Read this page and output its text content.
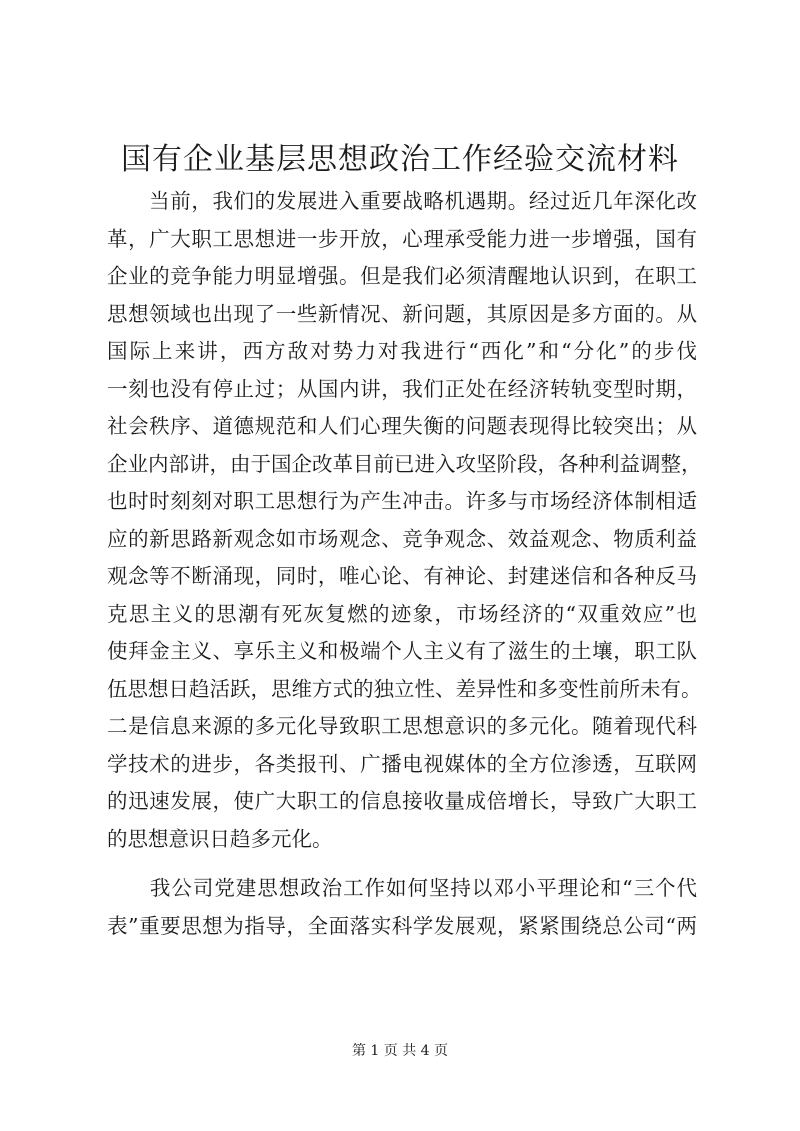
国有企业基层思想政治工作经验交流材料
　　当前，我们的发展进入重要战略机遇期。经过近几年深化改
革，广大职工思想进一步开放，心理承受能力进一步增强，国有
企业的竞争能力明显增强。但是我们必须清醒地认识到，在职工
思想领域也出现了一些新情况、新问题，其原因是多方面的。从
国际上来讲，西方敌对势力对我进行“西化”和“分化”的步伐
一刻也没有停止过；从国内讲，我们正处在经济转轨变型时期，
社会秩序、道德规范和人们心理失衡的问题表现得比较突出；从
企业内部讲，由于国企改革目前已进入攻坚阶段，各种利益调整，
也时时刻刻对职工思想行为产生冲击。许多与市场经济体制相适
应的新思路新观念如市场观念、竞争观念、效益观念、物质利益
观念等不断涌现，同时，唯心论、有神论、封建迷信和各种反马
克思主义的思潮有死灰复燃的迹象，市场经济的“双重效应”也
使拜金主义、享乐主义和极端个人主义有了滋生的土壤，职工队
伍思想日趋活跃，思维方式的独立性、差异性和多变性前所未有。
二是信息来源的多元化导致职工思想意识的多元化。随着现代科
学技术的进步，各类报刊、广播电视媒体的全方位渗透，互联网
的迅速发展，使广大职工的信息接收量成倍增长，导致广大职工
的思想意识日趋多元化。
　　我公司党建思想政治工作如何坚持以邓小平理论和“三个代
表”重要思想为指导，全面落实科学发展观，紧紧围绕总公司“两
第 1 页 共 4 页
